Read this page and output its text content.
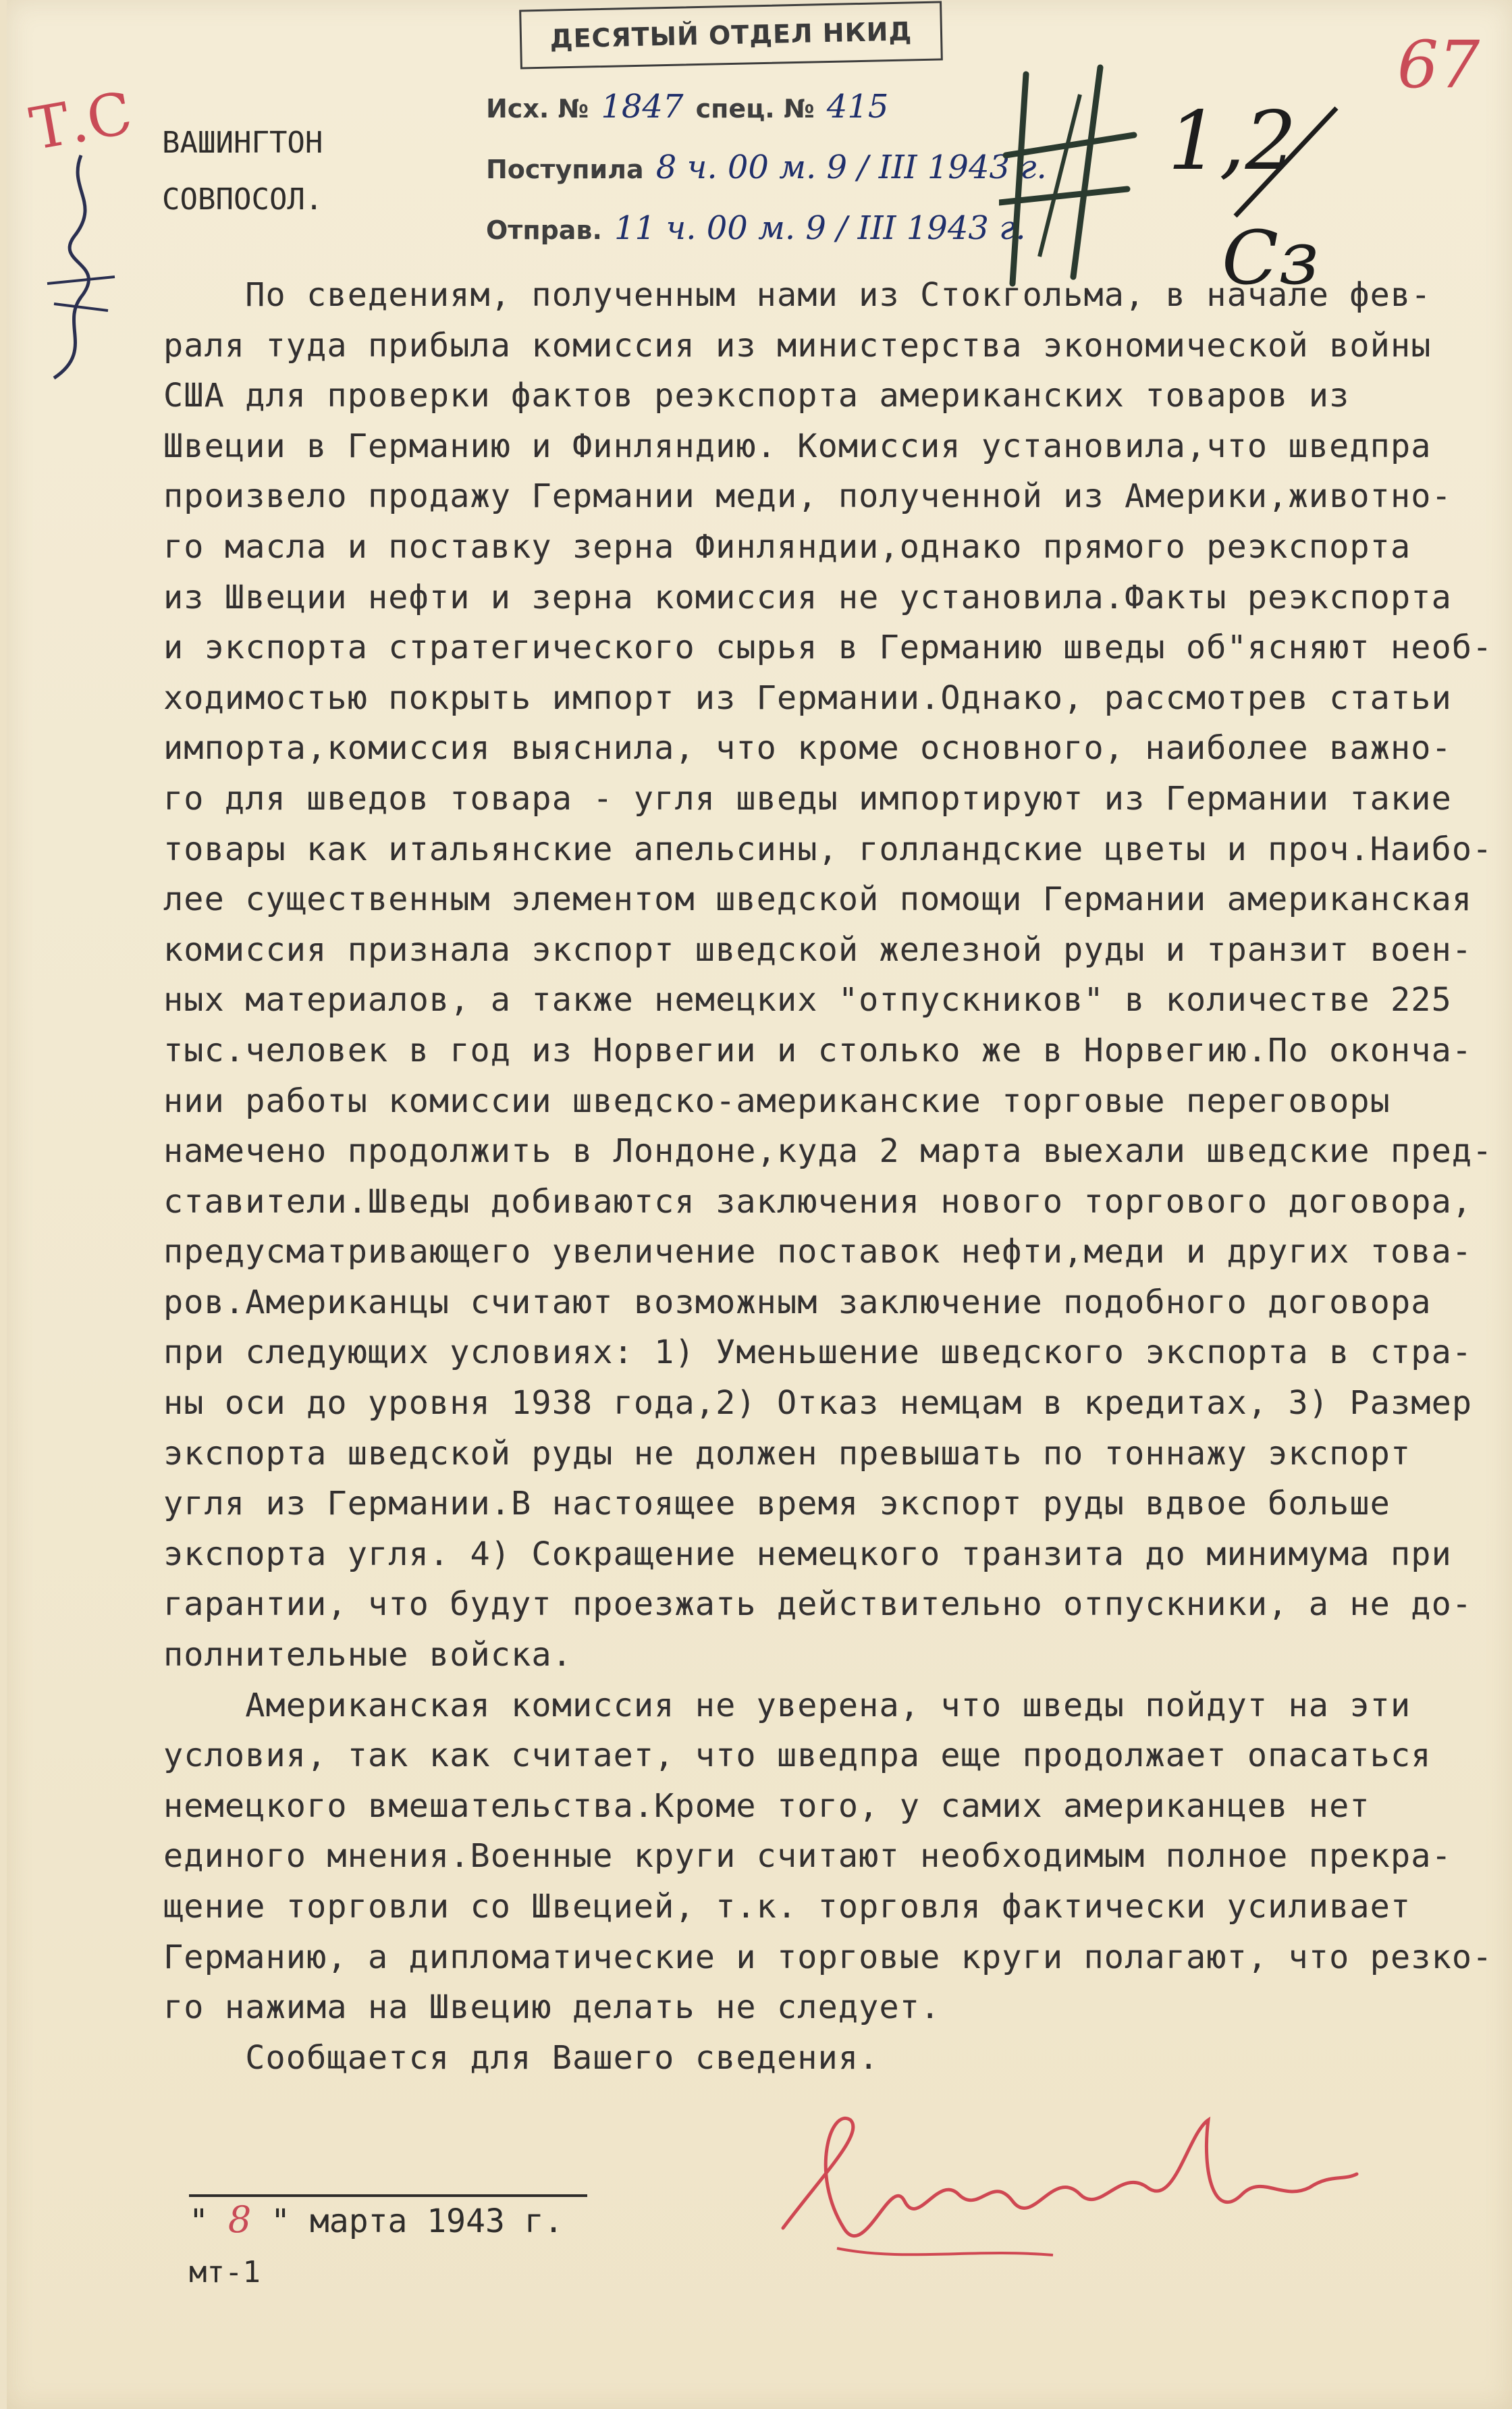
ДЕСЯТЫЙ ОТДЕЛ НКИД
Т.С
67
ВАШИНГТОН
СОВПОСОЛ.
Исх. № 1847 спец. № 415
Поступила 8 ч. 00 м. 9 / III 1943 г.
Отправ. 11 ч. 00 м. 9 / III 1943 г.
1,2
Сз
По сведениям, полученным нами из Стокгольма, в начале фев-
раля туда прибыла комиссия из министерства экономической войны
США для проверки фактов реэкспорта американских товаров из
Швеции в Германию и Финляндию. Комиссия установила,что шведпра
произвело продажу Германии меди, полученной из Америки,животно-
го масла и поставку зерна Финляндии,однако прямого реэкспорта
из Швеции нефти и зерна комиссия не установила.Факты реэкспорта
и экспорта стратегического сырья в Германию шведы об"ясняют необ-
ходимостью покрыть импорт из Германии.Однако, рассмотрев статьи
импорта,комиссия выяснила, что кроме основного, наиболее важно-
го для шведов товара - угля шведы импортируют из Германии такие
товары как итальянские апельсины, голландские цветы и проч.Наибо-
лее существенным элементом шведской помощи Германии американская
комиссия признала экспорт шведской железной руды и транзит воен-
ных материалов, а также немецких "отпускников" в количестве 225
тыс.человек в год из Норвегии и столько же в Норвегию.По оконча-
нии работы комиссии шведско-американские торговые переговоры
намечено продолжить в Лондоне,куда 2 марта выехали шведские пред-
ставители.Шведы добиваются заключения нового торгового договора,
предусматривающего увеличение поставок нефти,меди и других това-
ров.Американцы считают возможным заключение подобного договора
при следующих условиях: 1) Уменьшение шведского экспорта в стра-
ны оси до уровня 1938 года,2) Отказ немцам в кредитах, 3) Размер
экспорта шведской руды не должен превышать по тоннажу экспорт
угля из Германии.В настоящее время экспорт руды вдвое больше
экспорта угля. 4) Сокращение немецкого транзита до минимума при
гарантии, что будут проезжать действительно отпускники, а не до-
полнительные войска.
Американская комиссия не уверена, что шведы пойдут на эти
условия, так как считает, что шведпра еще продолжает опасаться
немецкого вмешательства.Кроме того, у самих американцев нет
единого мнения.Военные круги считают необходимым полное прекра-
щение торговли со Швецией, т.к. торговля фактически усиливает
Германию, а дипломатические и торговые круги полагают, что резко-
го нажима на Швецию делать не следует.
Сообщается для Вашего сведения.
" 8 " марта 1943 г.
мт-1
